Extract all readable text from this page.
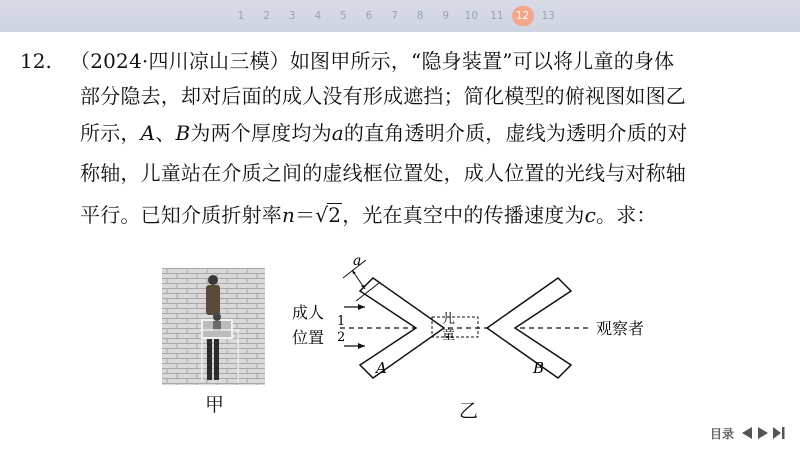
1	2	3	4	5	6	7	8	9	10	11	12	13
12. （2024·四川凉山三模）如图甲所示，“隐身装置”可以将儿童的身体
部分隐去，却对后面的成人没有形成遮挡；简化模型的俯视图如图乙
所示，A、B为两个厚度均为a的直角透明介质，虚线为透明介质的对
称轴，儿童站在介质之间的虚线框位置处，成人位置的光线与对称轴
平行。已知介质折射率n＝√2，光在真空中的传播速度为c。求：
甲
a
1
2
成人
位置
儿
童
A	B
观察者
乙
目录
